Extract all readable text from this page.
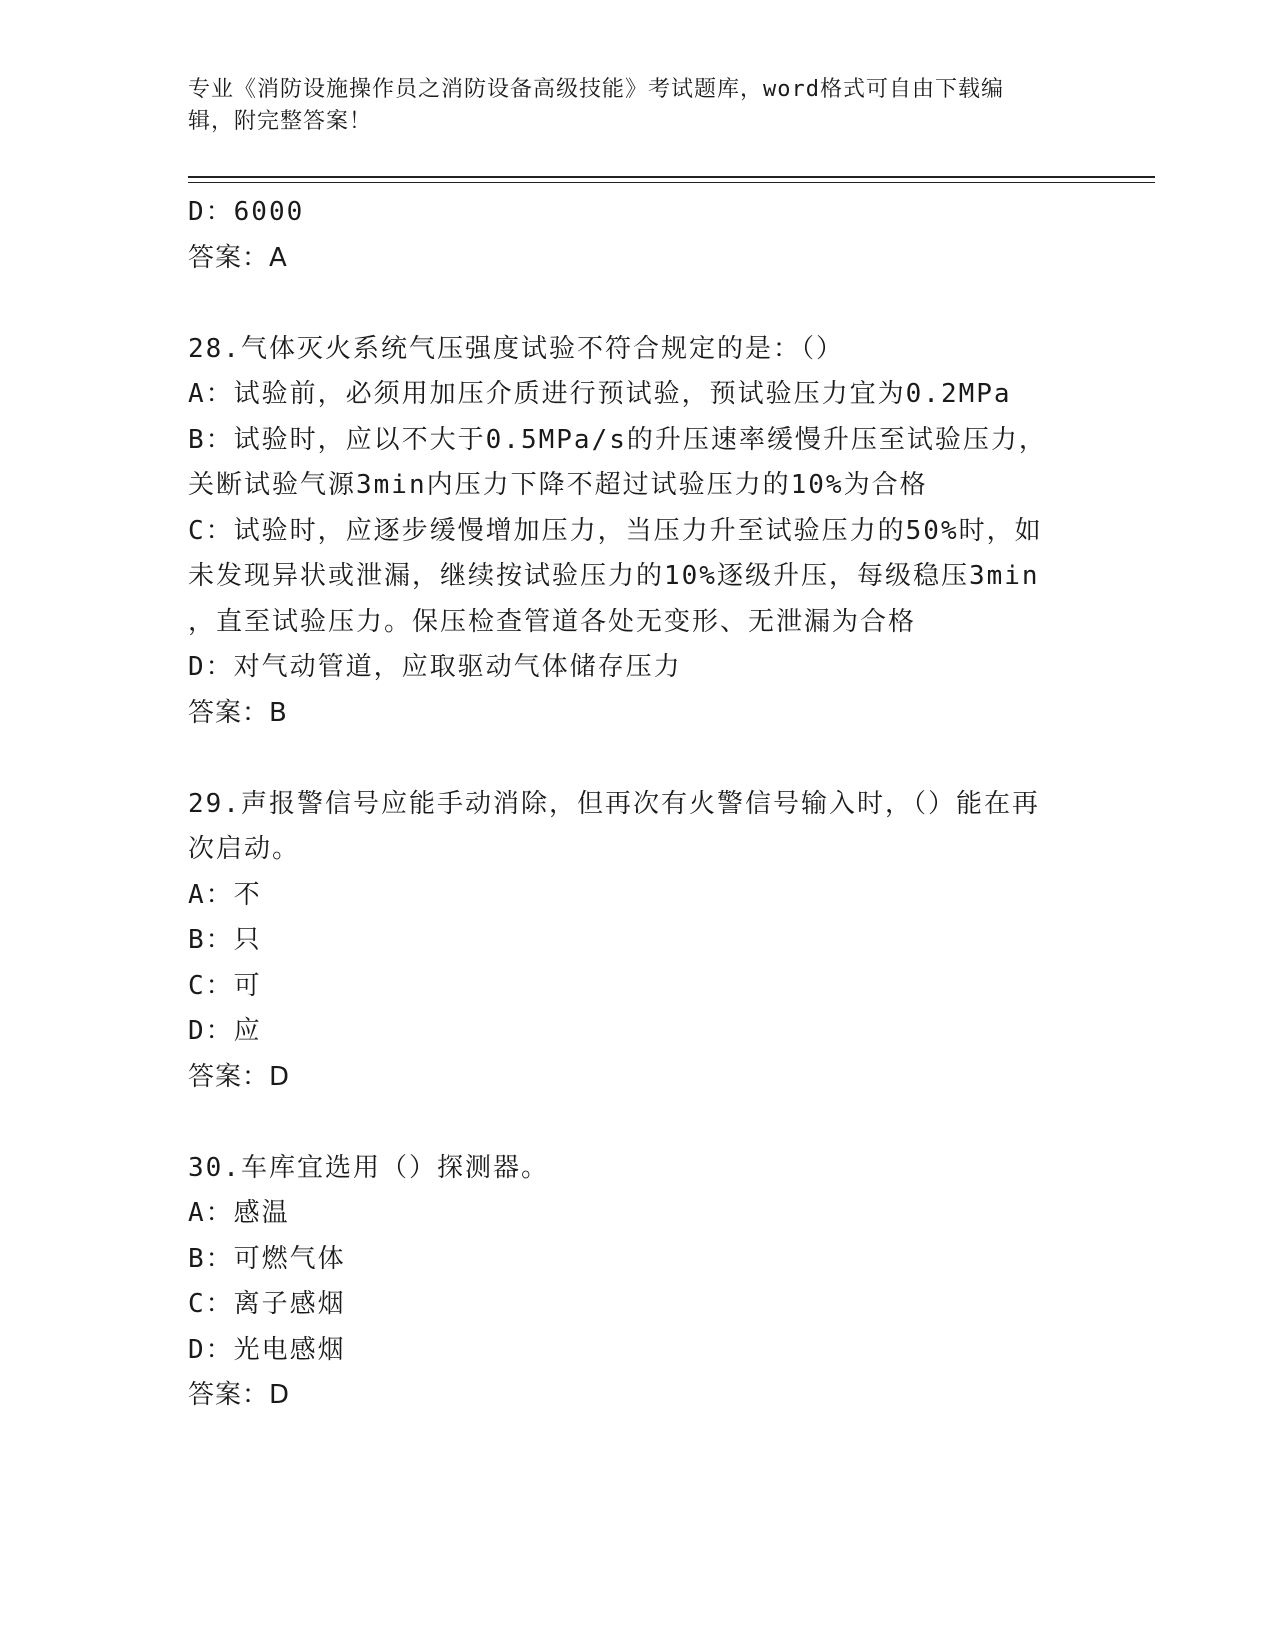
专业《消防设施操作员之消防设备高级技能》考试题库，word格式可自由下载编
辑，附完整答案！
D：6000
答案：A
28.气体灭火系统气压强度试验不符合规定的是：（）
A：试验前，必须用加压介质进行预试验，预试验压力宜为0.2MPa
B：试验时，应以不大于0.5MPa/s的升压速率缓慢升压至试验压力，
关断试验气源3min内压力下降不超过试验压力的10%为合格
C：试验时，应逐步缓慢增加压力，当压力升至试验压力的50%时，如
未发现异状或泄漏，继续按试验压力的10%逐级升压，每级稳压3min
，直至试验压力。保压检查管道各处无变形、无泄漏为合格
D：对气动管道，应取驱动气体储存压力
答案：B
29.声报警信号应能手动消除，但再次有火警信号输入时，（）能在再
次启动。
A：不
B：只
C：可
D：应
答案：D
30.车库宜选用（）探测器。
A：感温
B：可燃气体
C：离子感烟
D：光电感烟
答案：D
